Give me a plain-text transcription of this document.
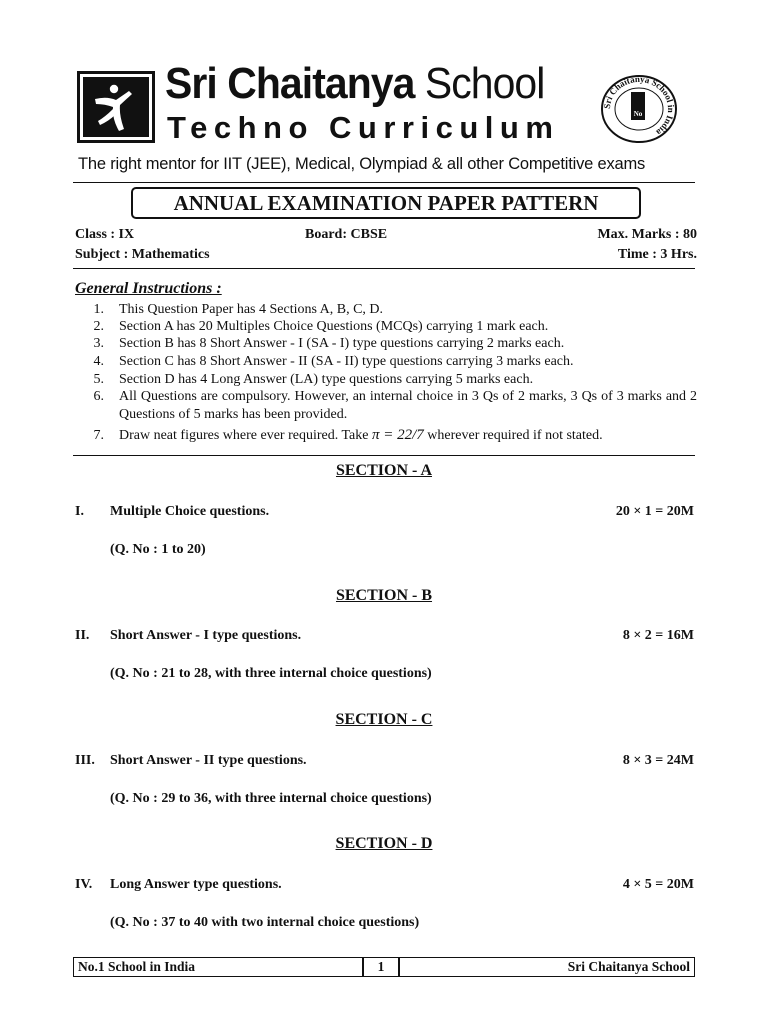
Sri Chaitanya School
Techno Curriculum
Sri Chaitanya School in India
No
The right mentor for IIT (JEE), Medical, Olympiad & all other Competitive exams
ANNUAL EXAMINATION PAPER PATTERN
Class : IX	Board: CBSE	Max. Marks : 80
Subject : Mathematics	Time : 3 Hrs.
General Instructions :
1. This Question Paper has 4 Sections A, B, C, D.
2. Section A has 20 Multiples Choice Questions (MCQs) carrying 1 mark each.
3. Section B has 8 Short Answer - I (SA - I) type questions carrying 2 marks each.
4. Section C has 8 Short Answer - II (SA - II) type questions carrying 3 marks each.
5. Section D has 4 Long Answer (LA) type questions carrying 5 marks each.
6. All Questions are compulsory. However, an internal choice in 3 Qs of 2 marks, 3 Qs of 3 marks and 2 Questions of 5 marks has been provided.
7. Draw neat figures where ever required. Take π = 22/7 wherever required if not stated.
SECTION - A
I. Multiple Choice questions.	20 × 1 = 20M
(Q. No : 1 to 20)
SECTION - B
II. Short Answer - I type questions.	8 × 2 = 16M
(Q. No : 21 to 28, with three internal choice questions)
SECTION - C
III. Short Answer - II type questions.	8 × 3 = 24M
(Q. No : 29 to 36, with three internal choice questions)
SECTION - D
IV. Long Answer type questions.	4 × 5 = 20M
(Q. No : 37 to 40 with two internal choice questions)
No.1 School in India	1	Sri Chaitanya School
